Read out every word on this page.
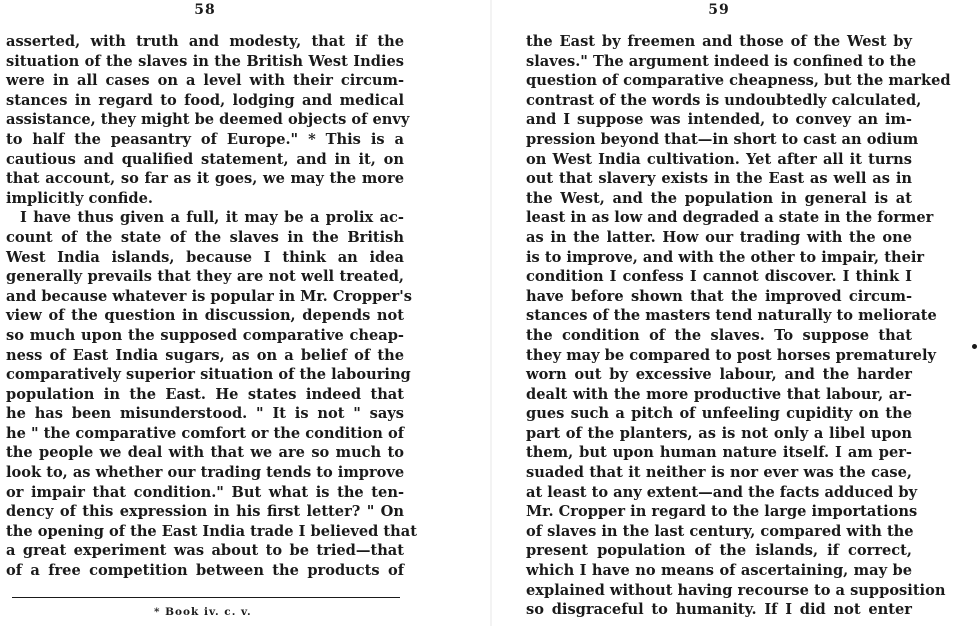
58
asserted, with truth and modesty, that if the
situation of the slaves in the British West Indies
were in all cases on a level with their circum-
stances in regard to food, lodging and medical
assistance, they might be deemed objects of envy
to half the peasantry of Europe." * This is a
cautious and qualified statement, and in it, on
that account, so far as it goes, we may the more
implicitly confide.
I have thus given a full, it may be a prolix ac-
count of the state of the slaves in the British
West India islands, because I think an idea
generally prevails that they are not well treated,
and because whatever is popular in Mr. Cropper's
view of the question in discussion, depends not
so much upon the supposed comparative cheap-
ness of East India sugars, as on a belief of the
comparatively superior situation of the labouring
population in the East. He states indeed that
he has been misunderstood. " It is not " says
he " the comparative comfort or the condition of
the people we deal with that we are so much to
look to, as whether our trading tends to improve
or impair that condition." But what is the ten-
dency of this expression in his first letter? " On
the opening of the East India trade I believed that
a great experiment was about to be tried—that
of a free competition between the products of
* Book iv. c. v.
59
the East by freemen and those of the West by
slaves." The argument indeed is confined to the
question of comparative cheapness, but the marked
contrast of the words is undoubtedly calculated,
and I suppose was intended, to convey an im-
pression beyond that—in short to cast an odium
on West India cultivation. Yet after all it turns
out that slavery exists in the East as well as in
the West, and the population in general is at
least in as low and degraded a state in the former
as in the latter. How our trading with the one
is to improve, and with the other to impair, their
condition I confess I cannot discover. I think I
have before shown that the improved circum-
stances of the masters tend naturally to meliorate
the condition of the slaves. To suppose that
they may be compared to post horses prematurely
worn out by excessive labour, and the harder
dealt with the more productive that labour, ar-
gues such a pitch of unfeeling cupidity on the
part of the planters, as is not only a libel upon
them, but upon human nature itself. I am per-
suaded that it neither is nor ever was the case,
at least to any extent—and the facts adduced by
Mr. Cropper in regard to the large importations
of slaves in the last century, compared with the
present population of the islands, if correct,
which I have no means of ascertaining, may be
explained without having recourse to a supposition
so disgraceful to humanity. If I did not enter
